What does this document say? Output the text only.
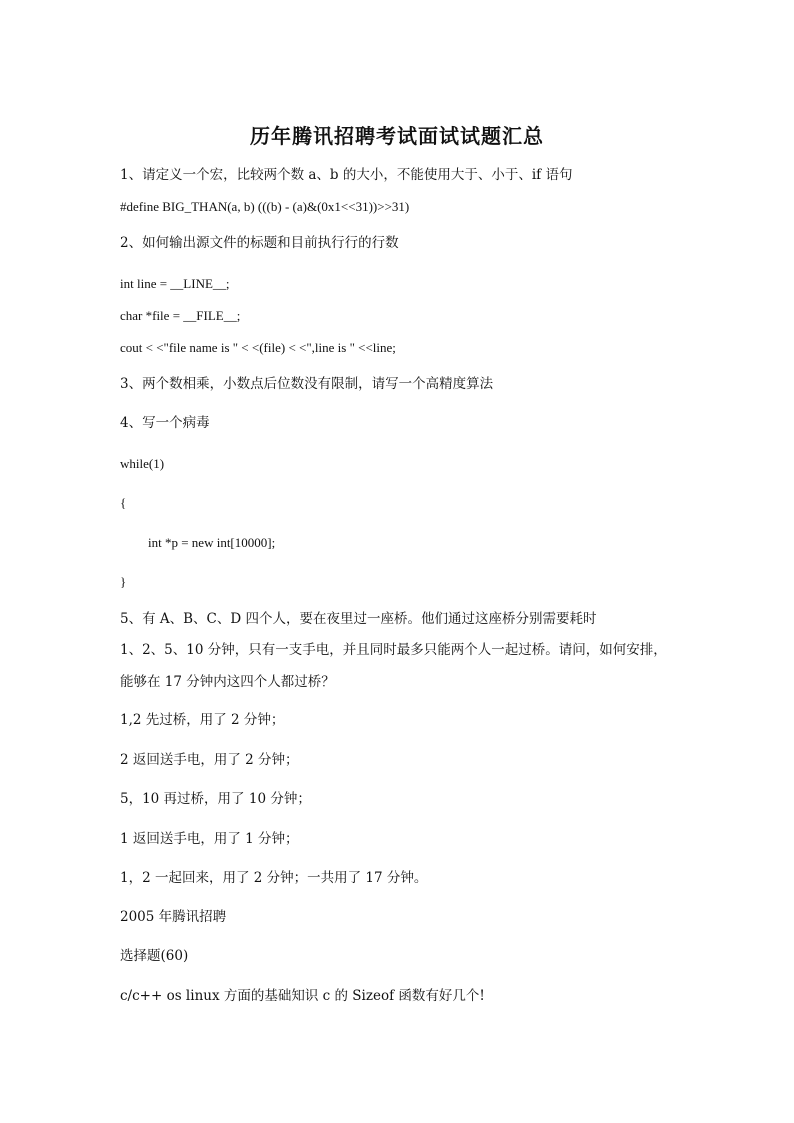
历年腾讯招聘考试面试试题汇总
1、请定义一个宏，比较两个数 a、b 的大小，不能使用大于、小于、if 语句
#define BIG_THAN(a, b) (((b) - (a)&(0x1<<31))>>31)
2、如何输出源文件的标题和目前执行行的行数
int line = __LINE__;
char *file = __FILE__;
cout < <"file name is " < <(file) < <",line is " <<line;
3、两个数相乘，小数点后位数没有限制，请写一个高精度算法
4、写一个病毒
while(1)
{
int *p = new int[10000];
}
5、有 A、B、C、D 四个人，要在夜里过一座桥。他们通过这座桥分别需要耗时
1、2、5、10 分钟，只有一支手电，并且同时最多只能两个人一起过桥。请问，如何安排，
能够在 17 分钟内这四个人都过桥？
1,2 先过桥，用了 2 分钟；
2 返回送手电，用了 2 分钟；
5，10 再过桥，用了 10 分钟；
1 返回送手电，用了 1 分钟；
1，2 一起回来，用了 2 分钟；一共用了 17 分钟。
2005 年腾讯招聘
选择题(60)
c/c++ os linux 方面的基础知识 c 的 Sizeof 函数有好几个!
